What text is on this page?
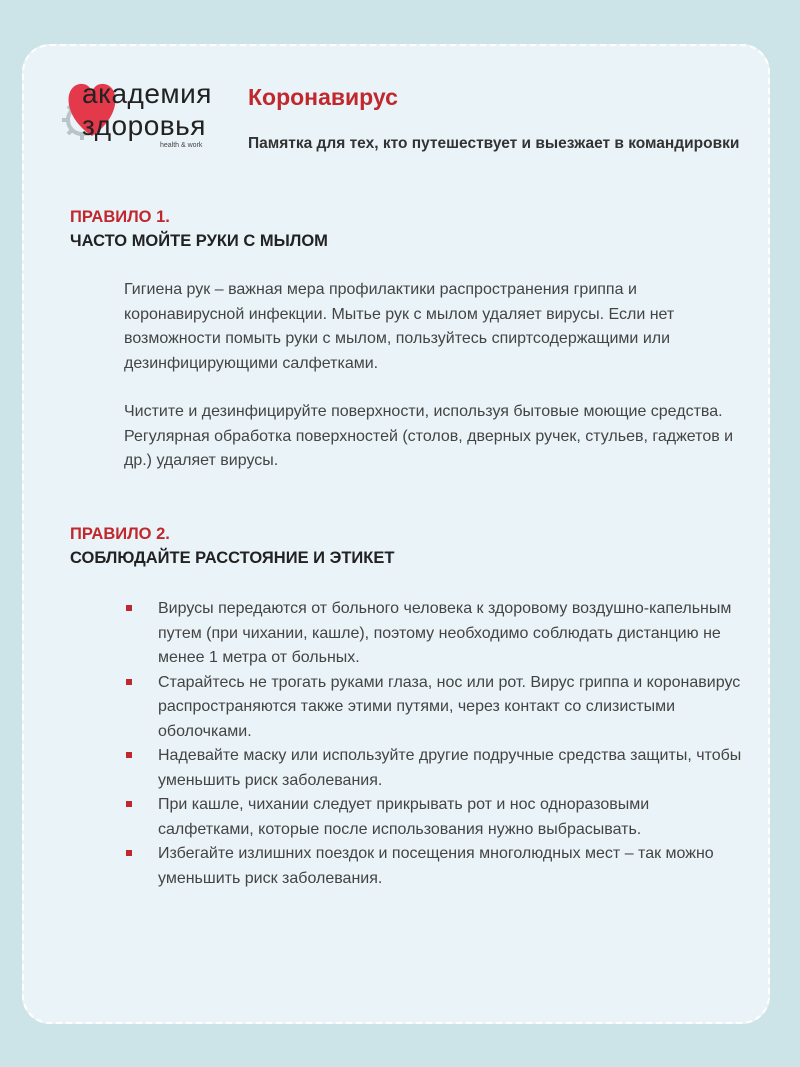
академия
здоровья
health & work
Коронавирус
Памятка для тех, кто путешествует и выезжает в командировки
ПРАВИЛО 1.
ЧАСТО МОЙТЕ РУКИ С МЫЛОМ

Гигиена рук – важная мера профилактики распространения гриппа и коронавирусной инфекции. Мытье рук с мылом удаляет вирусы. Если нет возможности помыть руки с мылом, пользуйтесь спиртсодержащими или дезинфицирующими салфетками.

Чистите и дезинфицируйте поверхности, используя бытовые моющие средства. Регулярная обработка поверхностей (столов, дверных ручек, стульев, гаджетов и др.) удаляет вирусы.

ПРАВИЛО 2.
СОБЛЮДАЙТЕ РАССТОЯНИЕ И ЭТИКЕТ
Вирусы передаются от больного человека к здоровому воздушно-капельным путем (при чихании, кашле), поэтому необходимо соблюдать дистанцию не менее 1 метра от больных.
Старайтесь не трогать руками глаза, нос или рот. Вирус гриппа и коронавирус распространяются также этими путями, через контакт со слизистыми оболочками.
Надевайте маску или используйте другие подручные средства защиты, чтобы уменьшить риск заболевания.
При кашле, чихании следует прикрывать рот и нос одноразовыми салфетками, которые после использования нужно выбрасывать.
Избегайте излишних поездок и посещения многолюдных мест – так можно уменьшить риск заболевания.
